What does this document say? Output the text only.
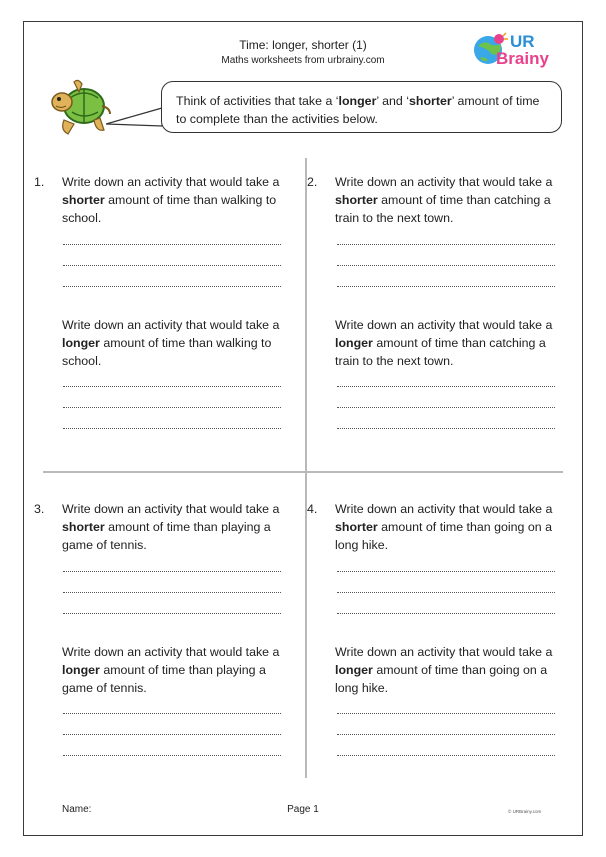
Time: longer, shorter (1)
Maths worksheets from urbrainy.com
UR
Brainy
Think of activities that take a ‘longer’ and ‘shorter’ amount of time to complete than the activities below.
1. Write down an activity that would take a shorter amount of time than walking to school.
Write down an activity that would take a longer amount of time than walking to school.
2. Write down an activity that would take a shorter amount of time than catching a train to the next town.
Write down an activity that would take a longer amount of time than catching a train to the next town.
3. Write down an activity that would take a shorter amount of time than playing a game of tennis.
Write down an activity that would take a longer amount of time than playing a game of tennis.
4. Write down an activity that would take a shorter amount of time than going on a long hike.
Write down an activity that would take a longer amount of time than going on a long hike.
Name:	Page 1	© URBrainy.com
